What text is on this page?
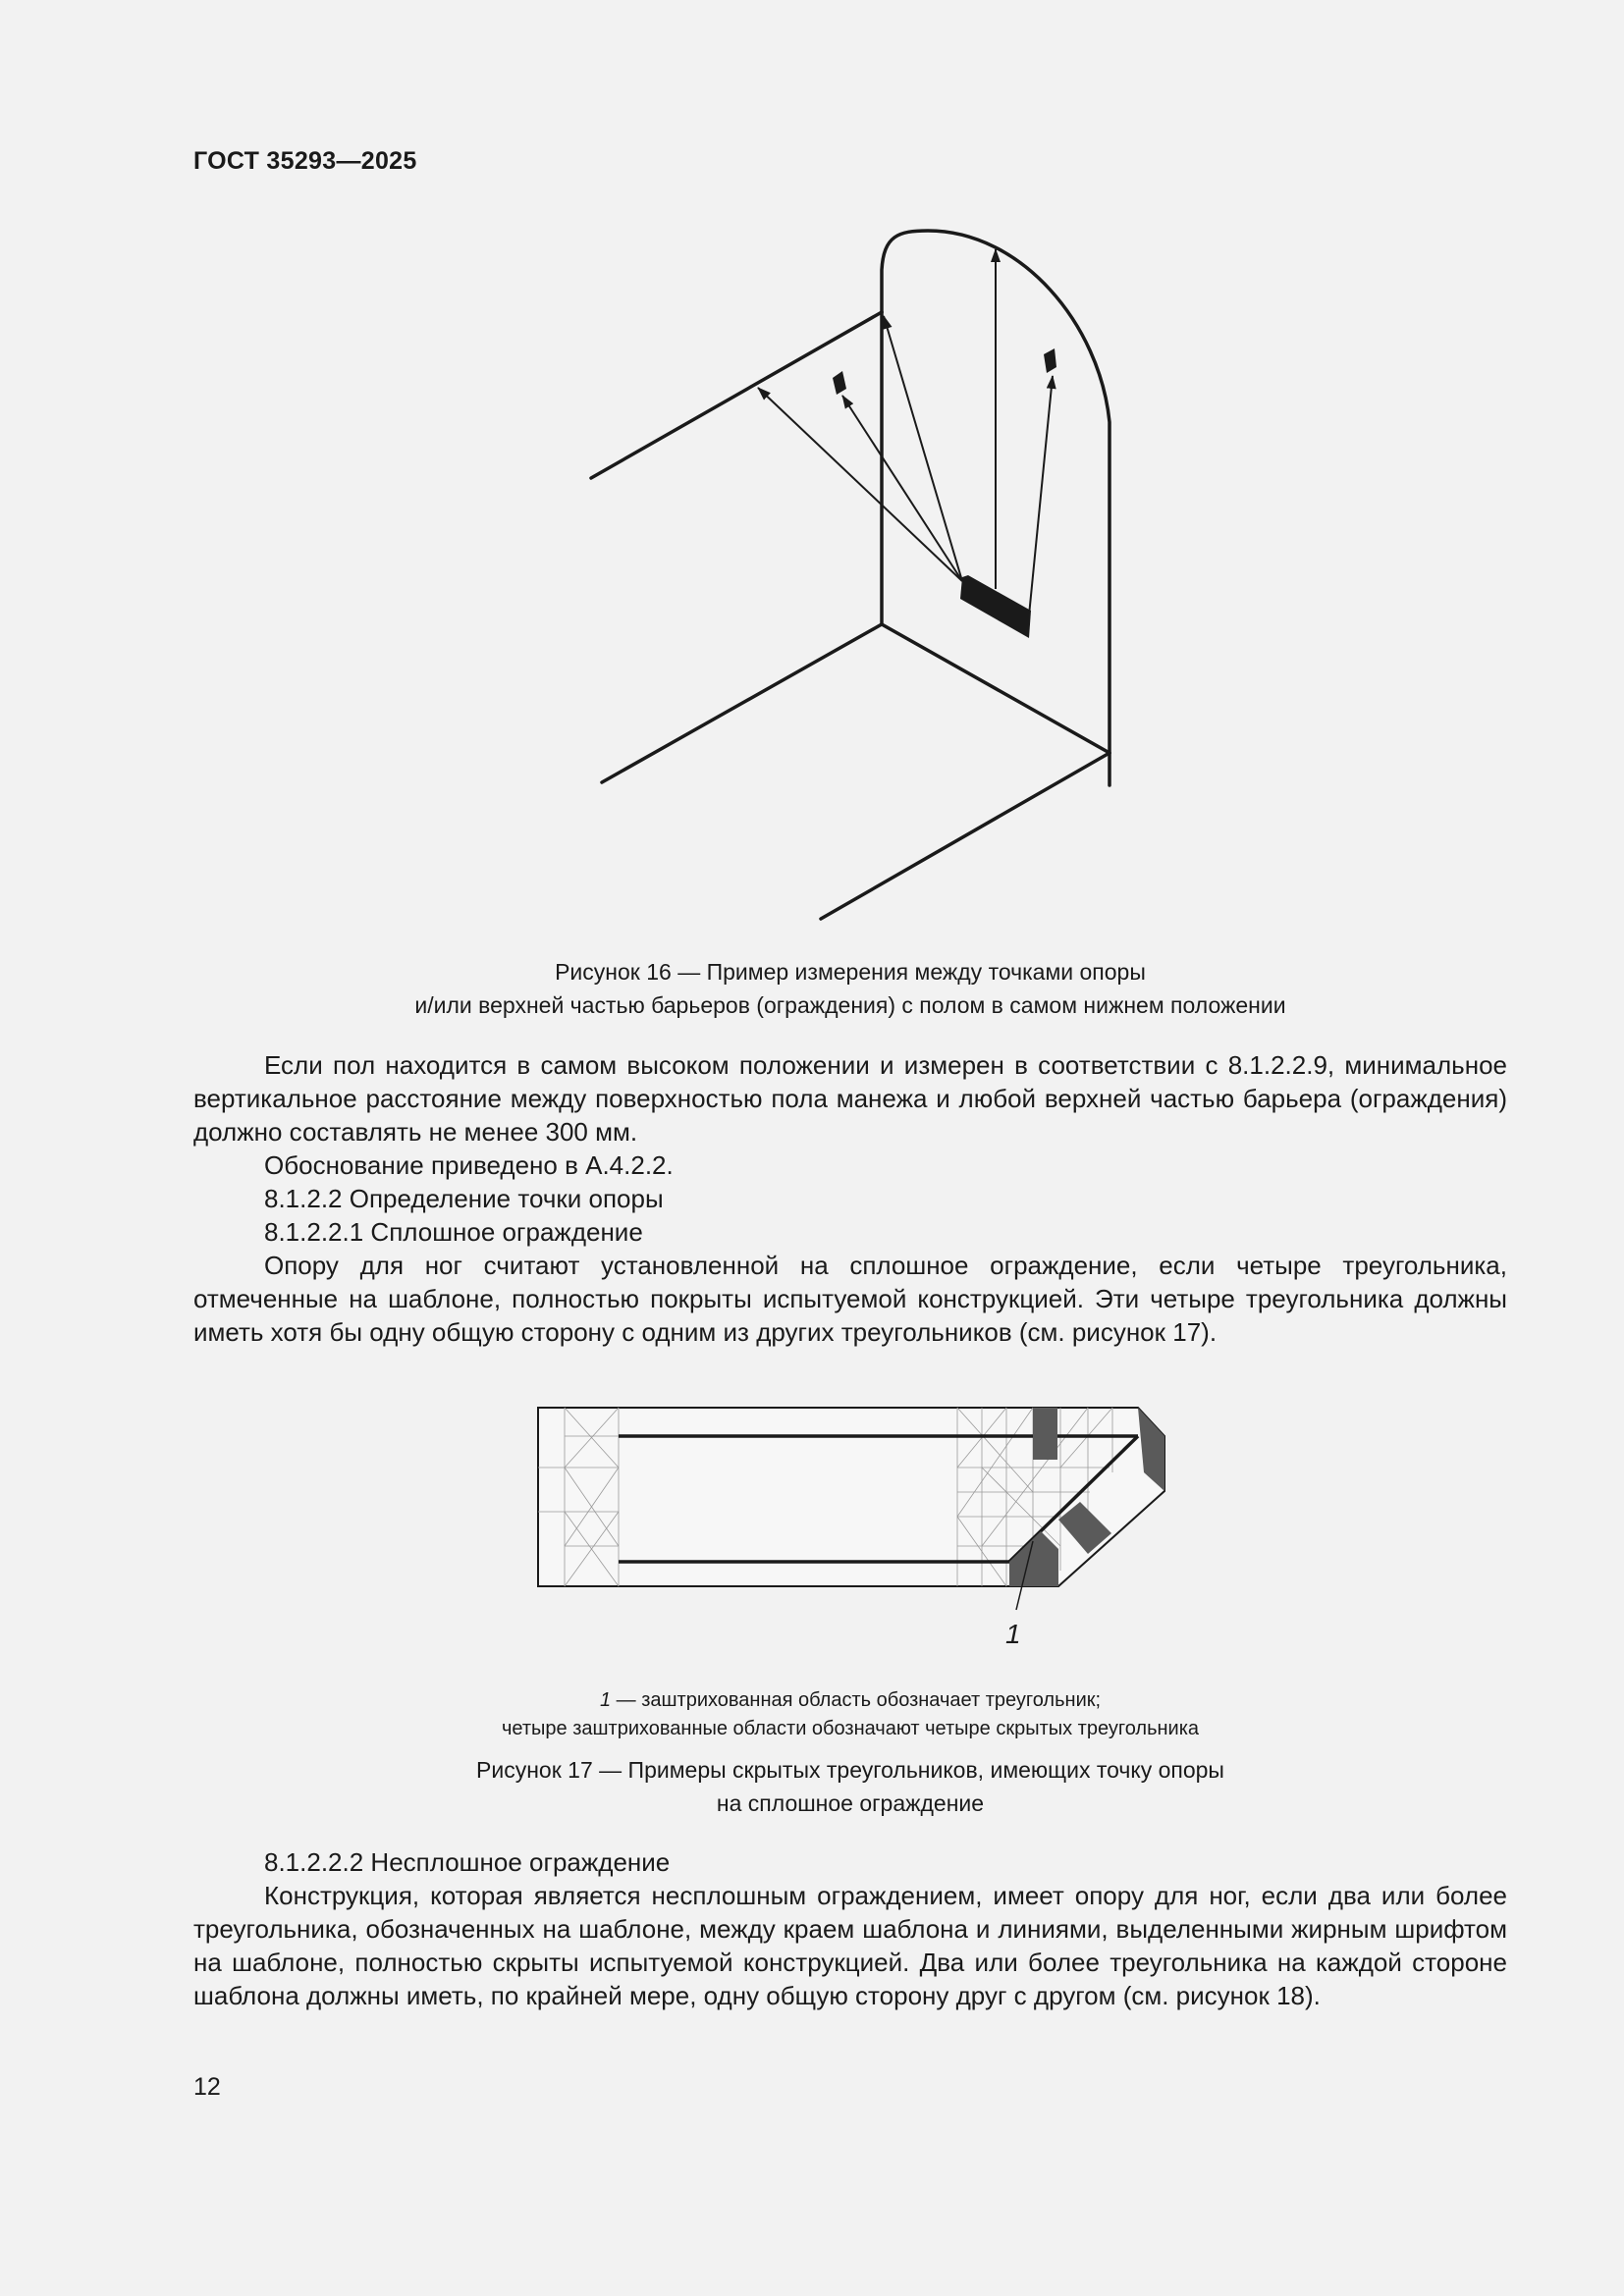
ГОСТ 35293—2025
Рисунок 16 — Пример измерения между точками опоры
и/или верхней частью барьеров (ограждения) с полом в самом нижнем положении

Если пол находится в самом высоком положении и измерен в соответствии с 8.1.2.2.9, минимальное вертикальное расстояние между поверхностью пола манежа и любой верхней частью барьера (ограждения) должно составлять не менее 300 мм.

Обоснование приведено в А.4.2.2.

8.1.2.2 Определение точки опоры

8.1.2.2.1 Сплошное ограждение

Опору для ног считают установленной на сплошное ограждение, если четыре треугольника, отмеченные на шаблоне, полностью покрыты испытуемой конструкцией. Эти четыре треугольника должны иметь хотя бы одну общую сторону с одним из других треугольников (см. рисунок 17).

1
1 — заштрихованная область обозначает треугольник;
четыре заштрихованные области обозначают четыре скрытых треугольника
Рисунок 17 — Примеры скрытых треугольников, имеющих точку опоры
на сплошное ограждение

8.1.2.2.2 Несплошное ограждение

Конструкция, которая является несплошным ограждением, имеет опору для ног, если два или более треугольника, обозначенных на шаблоне, между краем шаблона и линиями, выделенными жирным шрифтом на шаблоне, полностью скрыты испытуемой конструкцией. Два или более треугольника на каждой стороне шаблона должны иметь, по крайней мере, одну общую сторону друг с другом (см. рисунок 18).

12
